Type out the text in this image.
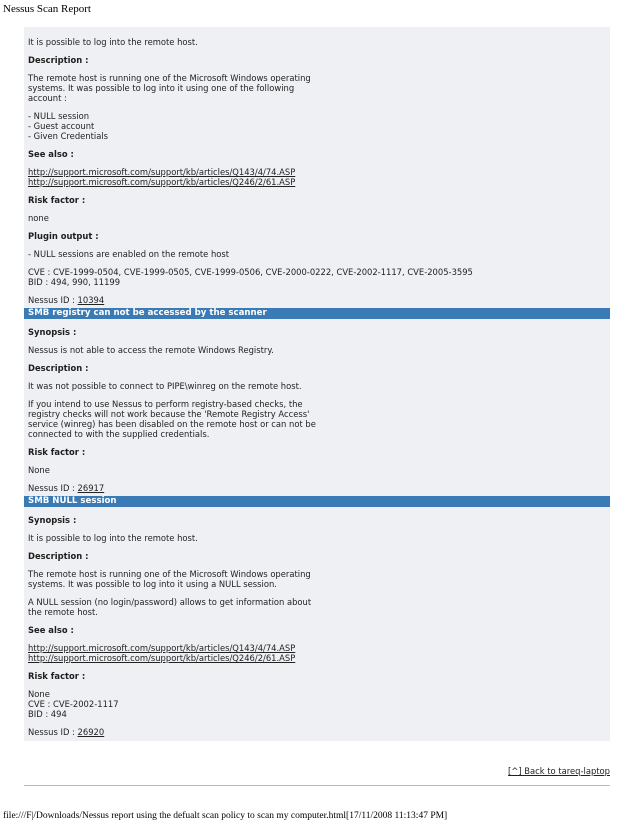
Nessus Scan Report
It is possible to log into the remote host.
Description :
The remote host is running one of the Microsoft Windows operating
systems. It was possible to log into it using one of the following
account :
- NULL session
- Guest account
- Given Credentials
See also :
http://support.microsoft.com/support/kb/articles/Q143/4/74.ASP
http://support.microsoft.com/support/kb/articles/Q246/2/61.ASP
Risk factor :
none
Plugin output :
- NULL sessions are enabled on the remote host
CVE : CVE-1999-0504, CVE-1999-0505, CVE-1999-0506, CVE-2000-0222, CVE-2002-1117, CVE-2005-3595
BID : 494, 990, 11199
Nessus ID : 10394
SMB registry can not be accessed by the scanner
Synopsis :
Nessus is not able to access the remote Windows Registry.
Description :
It was not possible to connect to PIPE\winreg on the remote host.
If you intend to use Nessus to perform registry-based checks, the
registry checks will not work because the 'Remote Registry Access'
service (winreg) has been disabled on the remote host or can not be
connected to with the supplied credentials.
Risk factor :
None
Nessus ID : 26917
SMB NULL session
Synopsis :
It is possible to log into the remote host.
Description :
The remote host is running one of the Microsoft Windows operating
systems. It was possible to log into it using a NULL session.
A NULL session (no login/password) allows to get information about
the remote host.
See also :
http://support.microsoft.com/support/kb/articles/Q143/4/74.ASP
http://support.microsoft.com/support/kb/articles/Q246/2/61.ASP
Risk factor :
None
CVE : CVE-2002-1117
BID : 494
Nessus ID : 26920
[^] Back to tareq-laptop
file:///F|/Downloads/Nessus report using the defualt scan policy to scan my computer.html[17/11/2008 11:13:47 PM]
